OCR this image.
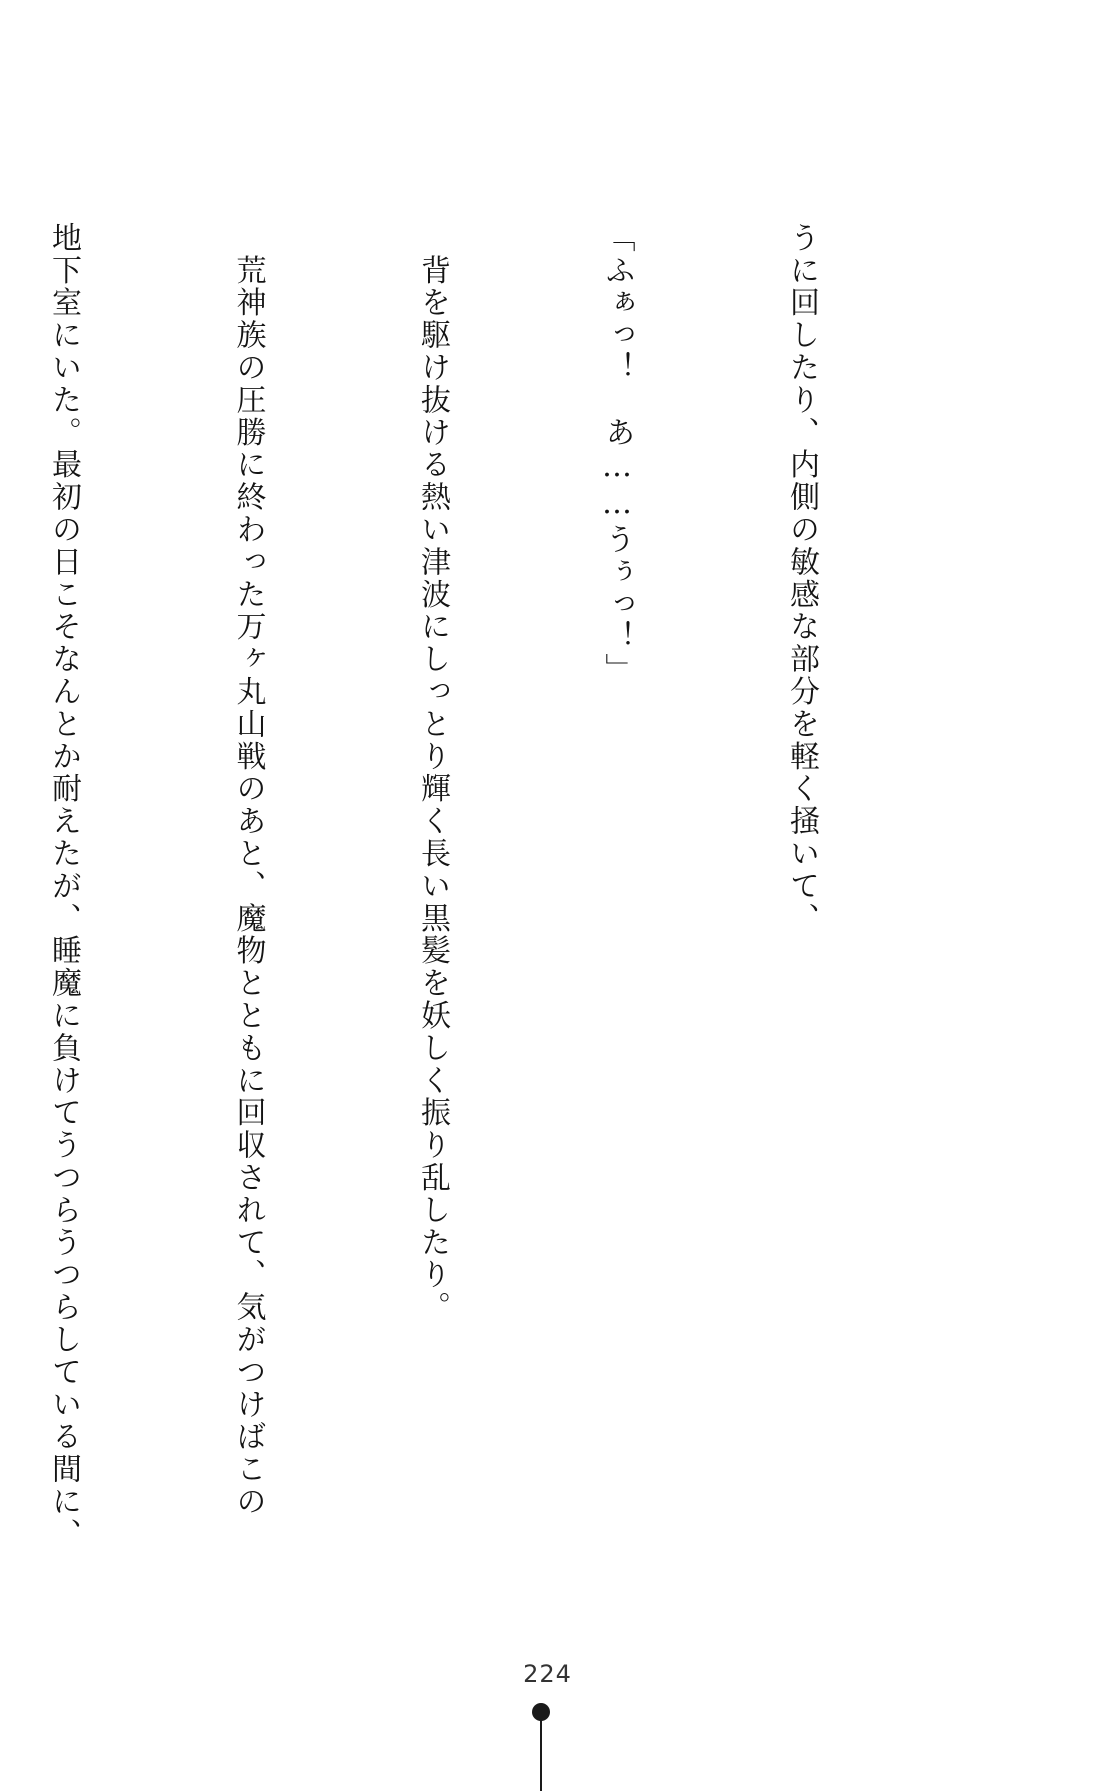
うに回したり、内側の敏感な部分を軽く掻いて、

「ふぁっ！　あ……うぅっ！」

　背を駆け抜ける熱い津波にしっとり輝く長い黒髪を妖しく振り乱したり。

　荒神族の圧勝に終わった万ヶ丸山戦のあと、魔物とともに回収されて、気がつけばこの

地下室にいた。最初の日こそなんとか耐えたが、睡魔に負けてうつらうつらしている間に、

224
